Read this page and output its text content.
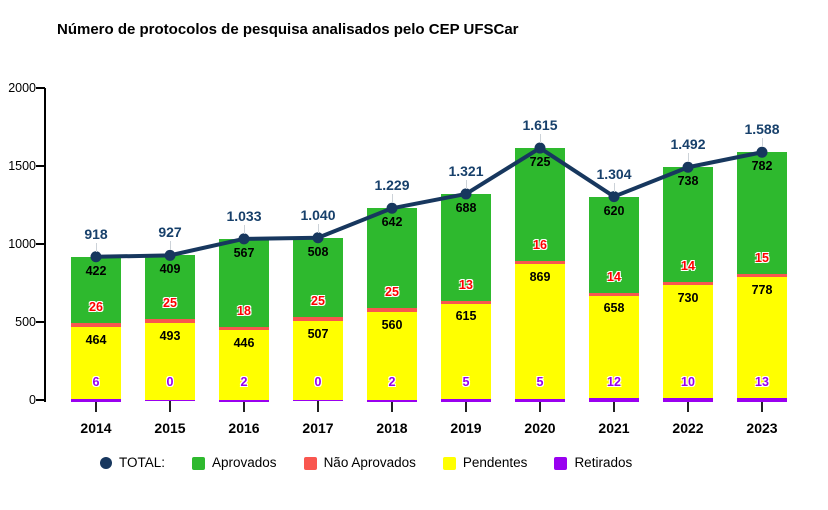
Número de protocolos de pesquisa analisados pelo CEP UFSCar
0
500
1000
1500
2000
2014	2015	2016	2017	2018	2019	2020	2021	2022	2023
6
464
26
422
918
0
493
25
409
927
2
446
18
567
1.033
0
507
25
508
1.040
2
560
25
642
1.229
5
615
13
688
1.321
5
869
16
725
1.615
12
658
14
620
1.304
10
730
14
738
1.492
13
778
15
782
1.588
TOTAL:	Aprovados	Não Aprovados	Pendentes	Retirados
